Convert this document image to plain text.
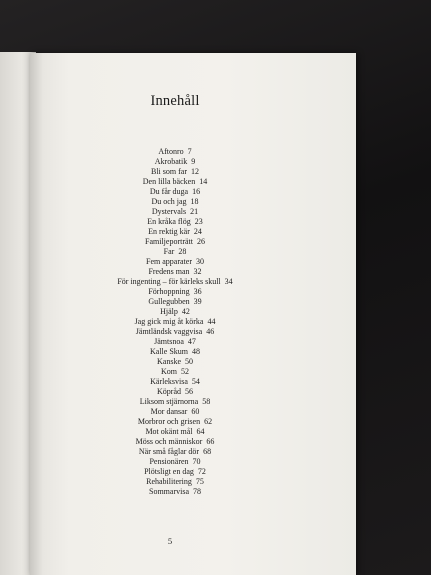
Innehåll
Aftonro 7
Akrobatik 9
Bli som far 12
Den lilla bäcken 14
Du får duga 16
Du och jag 18
Dystervals 21
En kråka flög 23
En rektig kär 24
Familjeporträtt 26
Far 28
Fem apparater 30
Fredens man 32
För ingenting – för kärleks skull 34
Förhoppning 36
Gullegubben 39
Hjälp 42
Jag gick mig åt körka 44
Jämtländsk vaggvisa 46
Jämtsnoa 47
Kalle Skum 48
Kanske 50
Kom 52
Kärleksvisa 54
Köpråd 56
Liksom stjärnorna 58
Mor dansar 60
Morbror och grisen 62
Mot okänt mål 64
Möss och människor 66
När små fåglar dör 68
Pensionären 70
Plötsligt en dag 72
Rehabilitering 75
Sommarvisa 78
5
